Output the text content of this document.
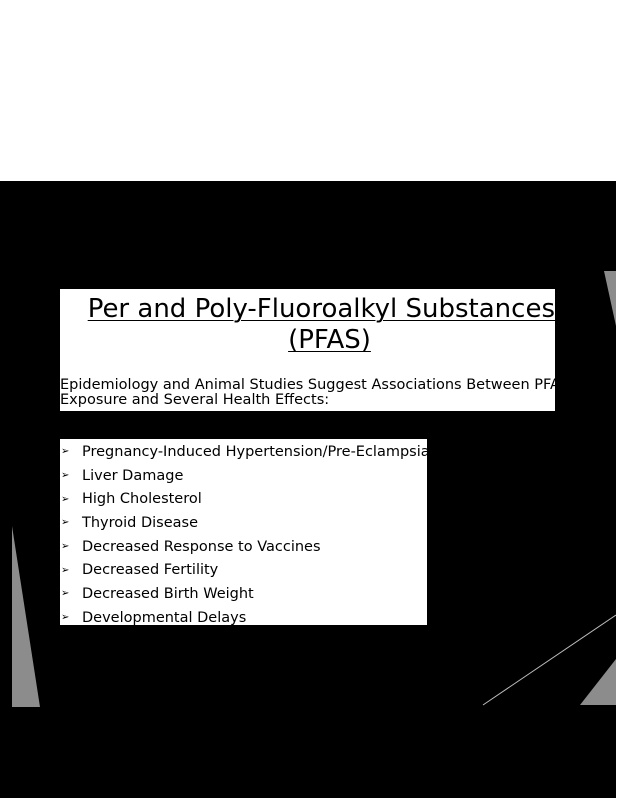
Per and Poly-Fluoroalkyl Substances
(PFAS)

Epidemiology and Animal Studies Suggest Associations Between PFAS
Exposure and Several Health Effects:

➢ Pregnancy-Induced Hypertension/Pre-Eclampsia
➢ Liver Damage
➢ High Cholesterol
➢ Thyroid Disease
➢ Decreased Response to Vaccines
➢ Decreased Fertility
➢ Decreased Birth Weight
➢ Developmental Delays
